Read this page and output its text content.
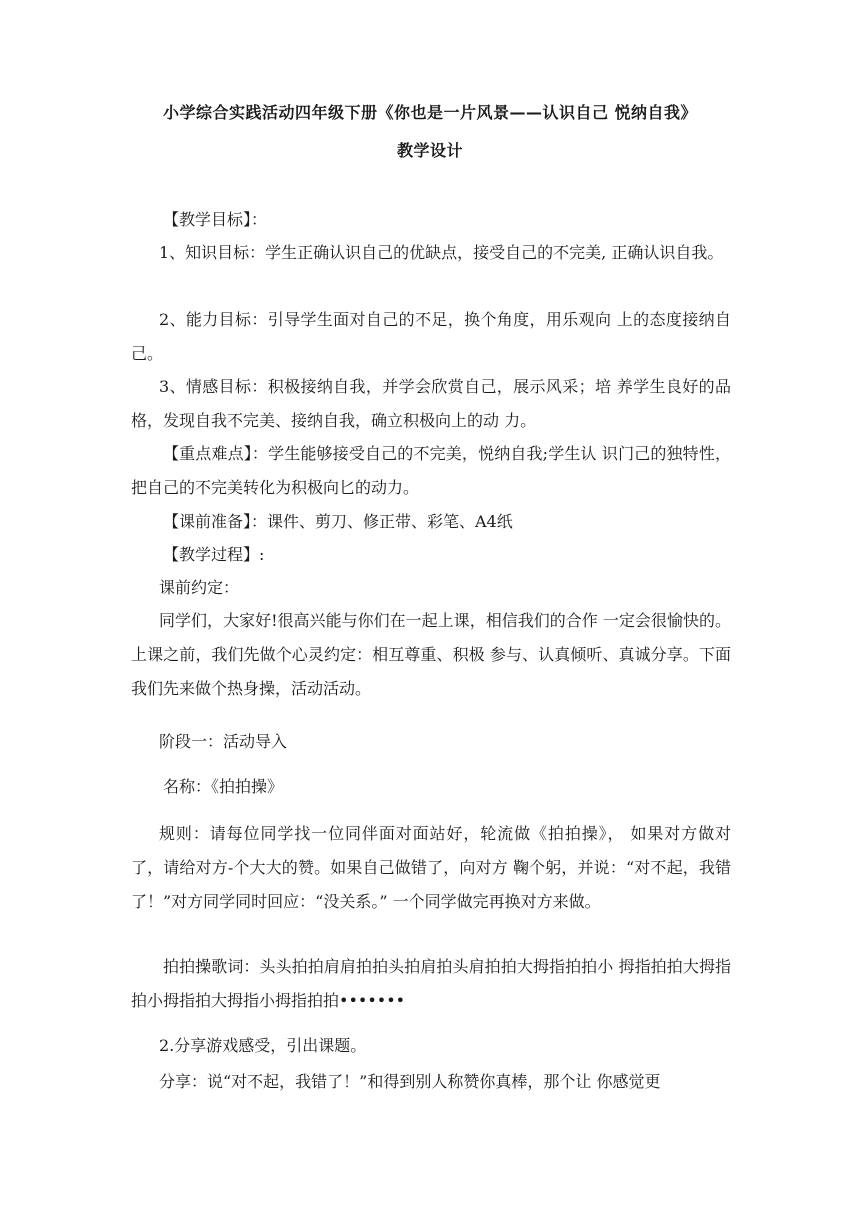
小学综合实践活动四年级下册《你也是一片风景——认识自己 悦纳自我》
教学设计

【教学目标】：

1、知识目标：学生正确认识自己的优缺点，接受自己的不完美, 正确认识自我。

2、能力目标：引导学生面对自己的不足，换个角度，用乐观向 上的态度接纳自己。

3、情感目标：积极接纳自我，并学会欣赏自己，展示风采；培 养学生良好的品格，发现自我不完美、接纳自我，确立积极向上的动 力。

【重点难点】：学生能够接受自己的不完美，悦纳自我;学生认 识门己的独特性，把自己的不完美转化为积极向匕的动力。

【课前准备】：课件、剪刀、修正带、彩笔、A4纸

【教学过程】:

课前约定：

同学们，大家好!很高兴能与你们在一起上课，相信我们的合作 一定会很愉快的。上课之前，我们先做个心灵约定：相互尊重、积极 参与、认真倾听、真诚分享。下面我们先来做个热身操，活动活动。

阶段一：活动导入

名称：《拍拍操》

规则：请每位同学找一位同伴面对面站好，轮流做《拍拍操》， 如果对方做对了，请给对方-个大大的赞。如果自己做错了，向对方 鞠个躬，并说：“对不起，我错了！”对方同学同时回应：“没关系。” 一个同学做完再换对方来做。

拍拍操歌词：头头拍拍肩肩拍拍头拍肩拍头肩拍拍大拇指拍拍小 拇指拍拍大拇指拍小拇指拍大拇指小拇指拍拍•••••••

2.分享游戏感受，引出课题。

分享：说“对不起，我错了！”和得到别人称赞你真棒，那个让 你感觉更
